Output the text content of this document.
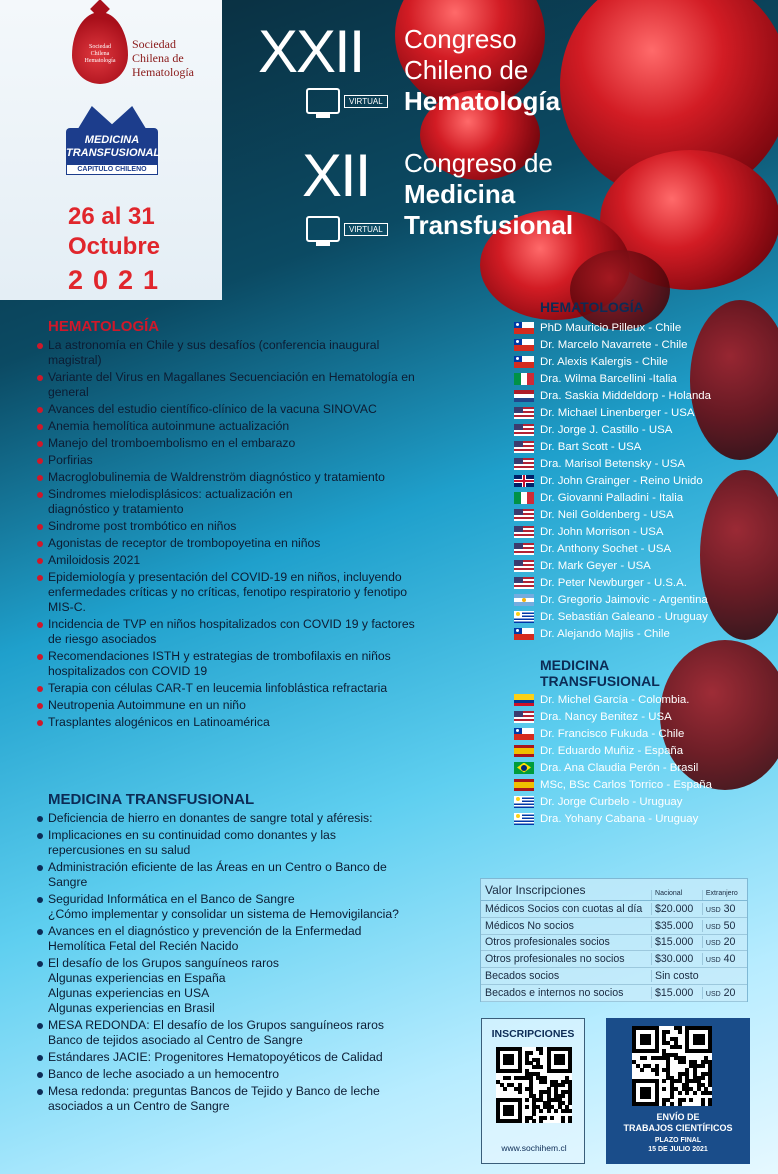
Sociedad
Chilena
Hematología
Sociedad
Chilena de
Hematología
MEDICINA
TRANSFUSIONAL
CAPITULO CHILENO
26 al 31
Octubre
2021
XXII Congreso
Chileno de
Hematología
VIRTUAL
XII Congreso de
Medicina
Transfusional
VIRTUAL
HEMATOLOGÍA
La astronomía en Chile y sus desafíos (conferencia inaugural
magistral)
Variante del Virus en Magallanes Secuenciación en Hematología en
general
Avances del estudio científico-clínico de la vacuna SINOVAC
Anemia hemolítica autoinmune actualización
Manejo del tromboembolismo en el embarazo
Porfirias
Macroglobulinemia de Waldrenström diagnóstico y tratamiento
Sindromes mielodisplásicos: actualización en
diagnóstico y tratamiento
Sindrome post trombótico en niños
Agonistas de receptor de trombopoyetina en niños
Amiloidosis 2021
Epidemiología y presentación del COVID-19 en niños, incluyendo
enfermedades críticas y no críticas, fenotipo respiratorio y fenotipo
MIS-C.
Incidencia de TVP en niños hospitalizados con COVID 19 y factores
de riesgo asociados
Recomendaciones ISTH y estrategias de trombofilaxis en niños
hospitalizados con COVID 19
Terapia con células CAR-T en leucemia linfoblástica refractaria
Neutropenia Autoimmune en un niño
Trasplantes alogénicos en Latinoamérica
MEDICINA TRANSFUSIONAL
Deficiencia de hierro en donantes de sangre total y aféresis:
Implicaciones en su continuidad como donantes y las
repercusiones en su salud
Administración eficiente de las Áreas en un Centro o Banco de
Sangre
Seguridad Informática en el Banco de Sangre
¿Cómo implementar y consolidar un sistema de Hemovigilancia?
Avances en el diagnóstico y prevención de la Enfermedad
Hemolítica Fetal del Recién Nacido
El desafío de los Grupos sanguíneos raros
Algunas experiencias en España
Algunas experiencias en USA
Algunas experiencias en Brasil
MESA REDONDA: El desafío de los Grupos sanguíneos raros
Banco de tejidos asociado al Centro de Sangre
Estándares JACIE: Progenitores Hematopoyéticos de Calidad
Banco de leche asociado a un hemocentro
Mesa redonda: preguntas Bancos de Tejido y Banco de leche
asociados a un Centro de Sangre
HEMATOLOGÍA
PhD Mauricio Pilleux - Chile
Dr. Marcelo Navarrete - Chile
Dr. Alexis Kalergis - Chile
Dra. Wilma Barcellini -Italia
Dra. Saskia Middeldorp - Holanda
Dr. Michael Linenberger - USA
Dr. Jorge J. Castillo - USA
Dr. Bart Scott - USA
Dra. Marisol Betensky - USA
Dr. John Grainger - Reino Unido
Dr. Giovanni Palladini - Italia
Dr. Neil Goldenberg - USA
Dr. John Morrison - USA
Dr. Anthony Sochet - USA
Dr. Mark Geyer - USA
Dr. Peter Newburger - U.S.A.
Dr. Gregorio Jaimovic - Argentina
Dr. Sebastián Galeano - Uruguay
Dr. Alejando Majlis - Chile
MEDICINA
TRANSFUSIONAL
Dr. Michel García - Colombia.
Dra. Nancy Benitez - USA
Dr. Francisco Fukuda - Chile
Dr. Eduardo Muñiz - España
Dra. Ana Claudia Perón - Brasil
MSc, BSc Carlos Torrico - España
Dr. Jorge Curbelo - Uruguay
Dra. Yohany Cabana - Uruguay
Valor Inscripciones	Nacional	Extranjero
Médicos Socios con cuotas al día	$20.000	USD 30
Médicos No socios	$35.000	USD 50
Otros profesionales socios	$15.000	USD 20
Otros profesionales no socios	$30.000	USD 40
Becados socios	Sin costo
Becados e internos no socios	$15.000	USD 20
INSCRIPCIONES
www.sochihem.cl
ENVÍO DE
TRABAJOS CIENTÍFICOS
PLAZO FINAL
15 DE JULIO 2021
